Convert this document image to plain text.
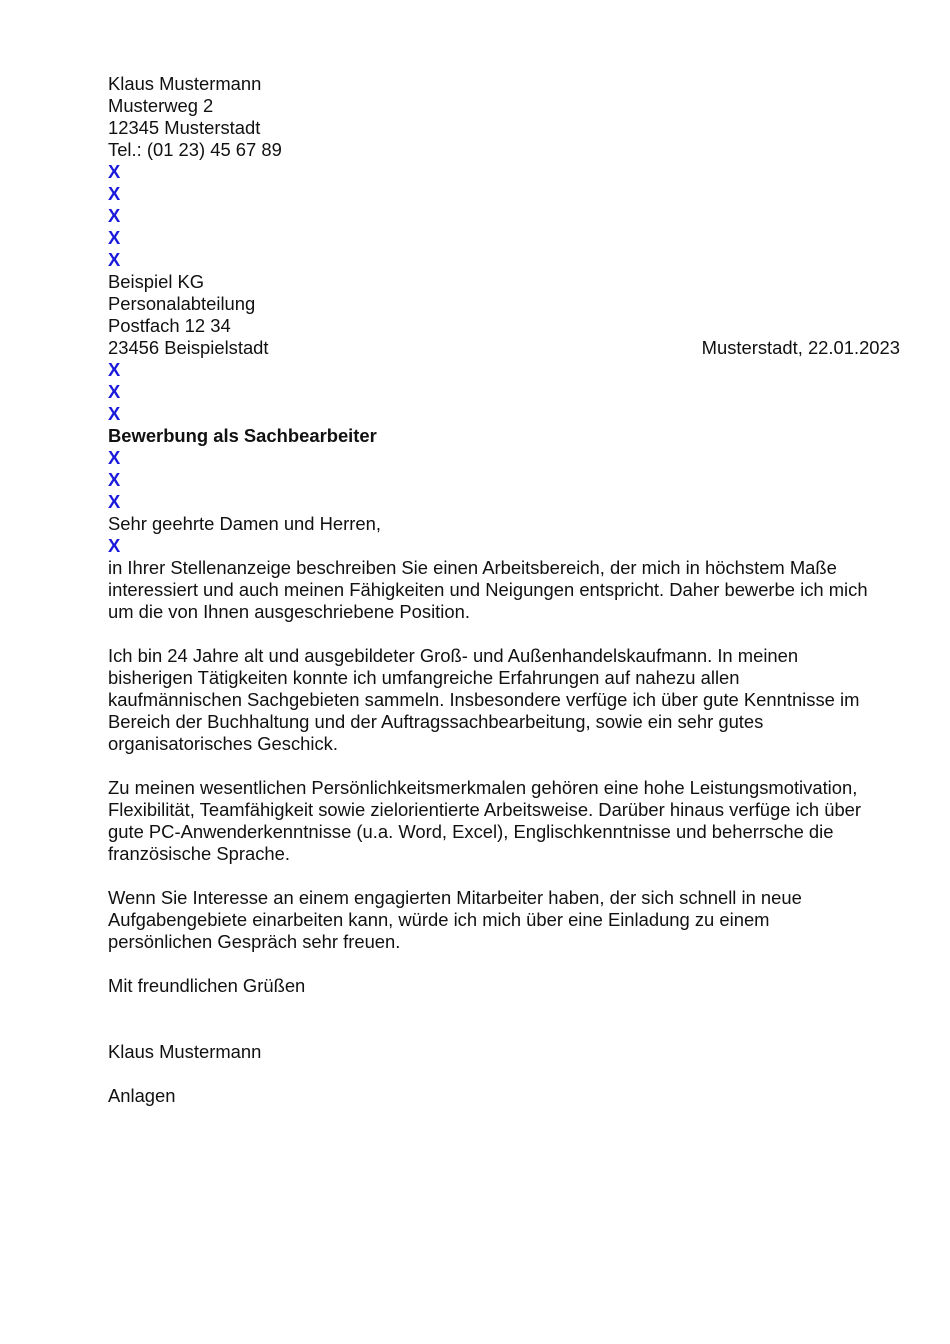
Klaus Mustermann
Musterweg 2
12345 Musterstadt
Tel.: (01 23) 45 67 89
X
X
X
X
X
Beispiel KG
Personalabteilung
Postfach 12 34
23456 Beispielstadt	Musterstadt, 22.01.2023
X
X
X
Bewerbung als Sachbearbeiter
X
X
X
Sehr geehrte Damen und Herren,
X
in Ihrer Stellenanzeige beschreiben Sie einen Arbeitsbereich, der mich in höchstem Maße
interessiert und auch meinen Fähigkeiten und Neigungen entspricht. Daher bewerbe ich mich
um die von Ihnen ausgeschriebene Position.
Ich bin 24 Jahre alt und ausgebildeter Groß- und Außenhandelskaufmann. In meinen
bisherigen Tätigkeiten konnte ich umfangreiche Erfahrungen auf nahezu allen
kaufmännischen Sachgebieten sammeln. Insbesondere verfüge ich über gute Kenntnisse im
Bereich der Buchhaltung und der Auftragssachbearbeitung, sowie ein sehr gutes
organisatorisches Geschick.
Zu meinen wesentlichen Persönlichkeitsmerkmalen gehören eine hohe Leistungsmotivation,
Flexibilität, Teamfähigkeit sowie zielorientierte Arbeitsweise. Darüber hinaus verfüge ich über
gute PC-Anwenderkenntnisse (u.a. Word, Excel), Englischkenntnisse und beherrsche die
französische Sprache.
Wenn Sie Interesse an einem engagierten Mitarbeiter haben, der sich schnell in neue
Aufgabengebiete einarbeiten kann, würde ich mich über eine Einladung zu einem
persönlichen Gespräch sehr freuen.
Mit freundlichen Grüßen
Klaus Mustermann
Anlagen
